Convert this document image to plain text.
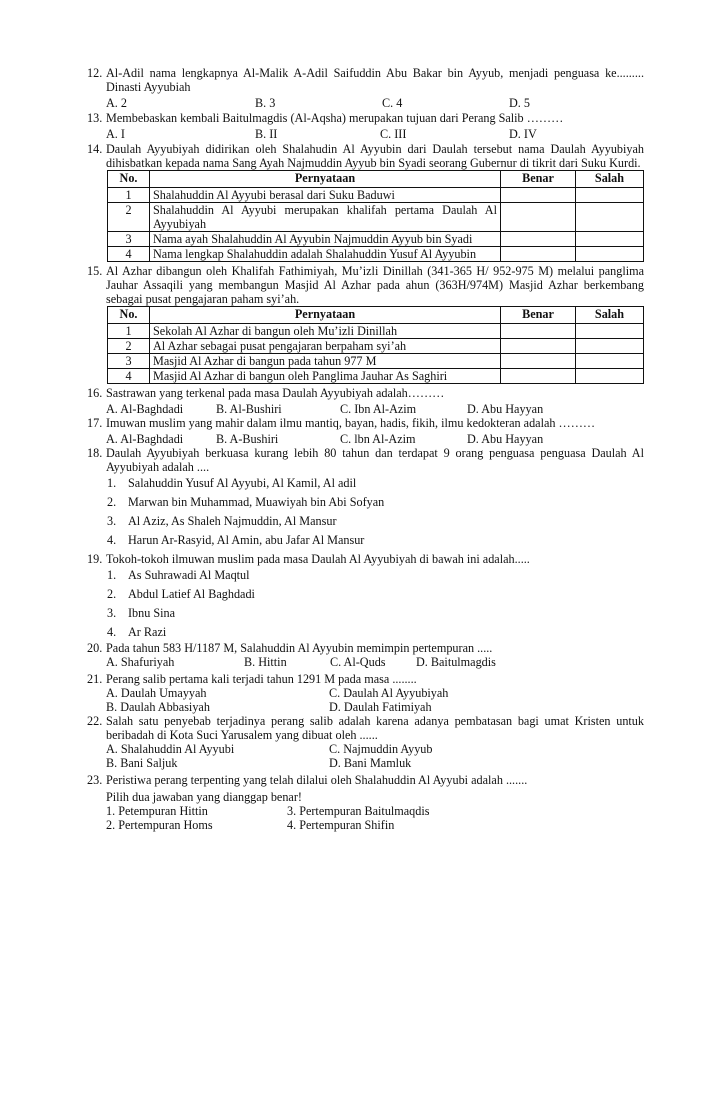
12. Al-Adil nama lengkapnya Al-Malik A-Adil Saifuddin Abu Bakar bin Ayyub, menjadi penguasa ke......... Dinasti Ayyubiah
A. 2	B. 3	C. 4	D. 5
13. Membebaskan kembali Baitulmagdis (Al-Aqsha) merupakan tujuan dari Perang Salib ………
A. I	B. II	C. III	D. IV
14. Daulah Ayyubiyah didirikan oleh Shalahudin Al Ayyubin dari Daulah tersebut nama Daulah Ayyubiyah dihisbatkan kepada nama Sang Ayah Najmuddin Ayyub bin Syadi seorang Gubernur di tikrit dari Suku Kurdi.
No.	Pernyataan	Benar	Salah
1	Shalahuddin Al Ayyubi berasal dari Suku Baduwi		
2	Shalahuddin Al Ayyubi merupakan khalifah pertama Daulah Al Ayyubiyah		
3	Nama ayah Shalahuddin Al Ayyubin Najmuddin Ayyub bin Syadi		
4	Nama lengkap Shalahuddin adalah Shalahuddin Yusuf Al Ayyubin		
15. Al Azhar dibangun oleh Khalifah Fathimiyah, Mu’izli Dinillah (341-365 H/ 952-975 M) melalui panglima Jauhar Assaqili yang membangun Masjid Al Azhar pada ahun (363H/974M) Masjid Azhar berkembang sebagai pusat pengajaran paham syi’ah.
No.	Pernyataan	Benar	Salah
1	Sekolah Al Azhar di bangun oleh Mu’izli Dinillah		
2	Al Azhar sebagai pusat pengajaran berpaham syi’ah		
3	Masjid Al Azhar di bangun pada tahun 977 M		
4	Masjid Al Azhar di bangun oleh Panglima Jauhar As Saghiri		
16. Sastrawan yang terkenal pada masa Daulah Ayyubiyah adalah………
A. Al-Baghdadi	B. Al-Bushiri	C. Ibn Al-Azim	D. Abu Hayyan
17. Imuwan muslim yang mahir dalam ilmu mantiq, bayan, hadis, fikih, ilmu kedokteran adalah ………
A. Al-Baghdadi	B. A-Bushiri	C. lbn Al-Azim	D. Abu Hayyan
18. Daulah Ayyubiyah berkuasa kurang lebih 80 tahun dan terdapat 9 orang penguasa penguasa Daulah Al Ayyubiyah adalah ....
1. Salahuddin Yusuf Al Ayyubi, Al Kamil, Al adil
2. Marwan bin Muhammad, Muawiyah bin Abi Sofyan
3. Al Aziz, As Shaleh Najmuddin, Al Mansur
4. Harun Ar-Rasyid, Al Amin, abu Jafar Al Mansur
19. Tokoh-tokoh ilmuwan muslim pada masa Daulah Al Ayyubiyah di bawah ini adalah.....
1. As Suhrawadi Al Maqtul
2. Abdul Latief Al Baghdadi
3. Ibnu Sina
4. Ar Razi
20. Pada tahun 583 H/1187 M, Salahuddin Al Ayyubin memimpin pertempuran .....
A. Shafuriyah	B. Hittin	C. Al-Quds	D. Baitulmagdis
21. Perang salib pertama kali terjadi tahun 1291 M pada masa ........
A. Daulah Umayyah	C. Daulah Al Ayyubiyah
B. Daulah Abbasiyah	D. Daulah Fatimiyah
22. Salah satu penyebab terjadinya perang salib adalah karena adanya pembatasan bagi umat Kristen untuk beribadah di Kota Suci Yarusalem yang dibuat oleh ......
A. Shalahuddin Al Ayyubi	C. Najmuddin Ayyub
B. Bani Saljuk	D. Bani Mamluk
23. Peristiwa perang terpenting yang telah dilalui oleh Shalahuddin Al Ayyubi adalah .......
Pilih dua jawaban yang dianggap benar!
1. Petempuran Hittin	3. Pertempuran Baitulmaqdis
2. Pertempuran Homs	4. Pertempuran Shifin
